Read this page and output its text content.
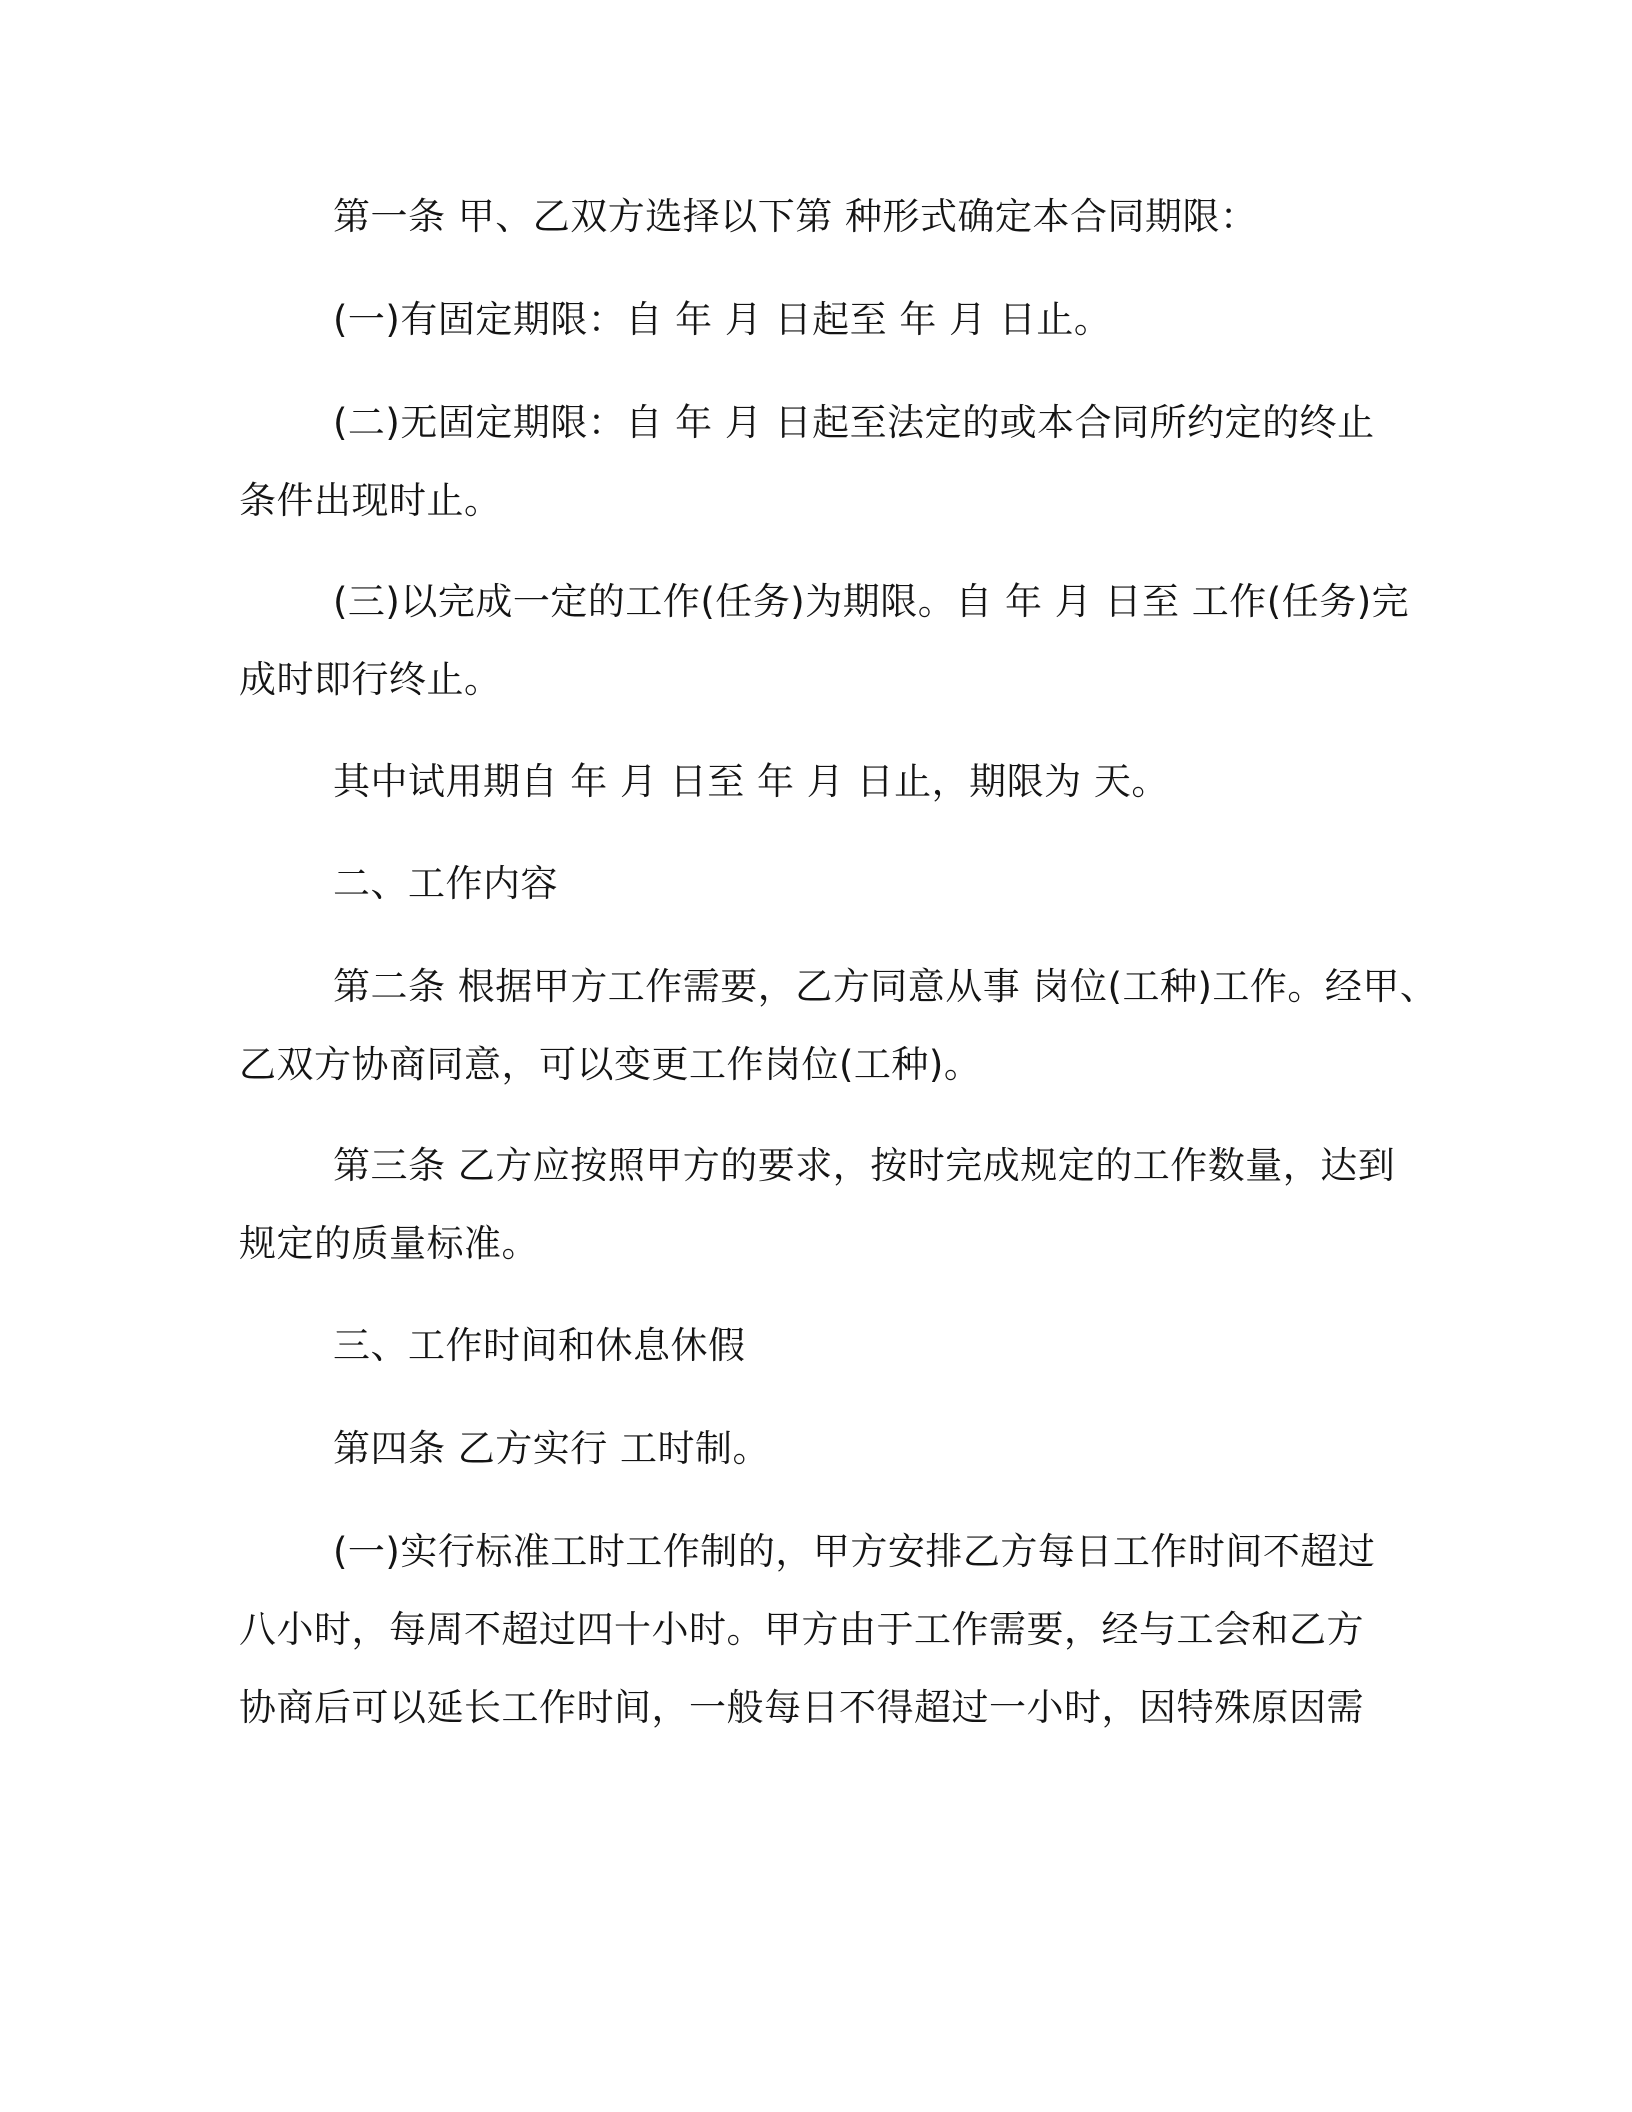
第一条 甲、乙双方选择以下第 种形式确定本合同期限：
(一)有固定期限：自 年 月 日起至 年 月 日止。
(二)无固定期限：自 年 月 日起至法定的或本合同所约定的终止
条件出现时止。
(三)以完成一定的工作(任务)为期限。自 年 月 日至 工作(任务)完
成时即行终止。
其中试用期自 年 月 日至 年 月 日止，期限为 天。
二、工作内容
第二条 根据甲方工作需要，乙方同意从事 岗位(工种)工作。经甲、
乙双方协商同意，可以变更工作岗位(工种)。
第三条 乙方应按照甲方的要求，按时完成规定的工作数量，达到
规定的质量标准。
三、工作时间和休息休假
第四条 乙方实行 工时制。
(一)实行标准工时工作制的，甲方安排乙方每日工作时间不超过
八小时，每周不超过四十小时。甲方由于工作需要，经与工会和乙方
协商后可以延长工作时间，一般每日不得超过一小时，因特殊原因需
